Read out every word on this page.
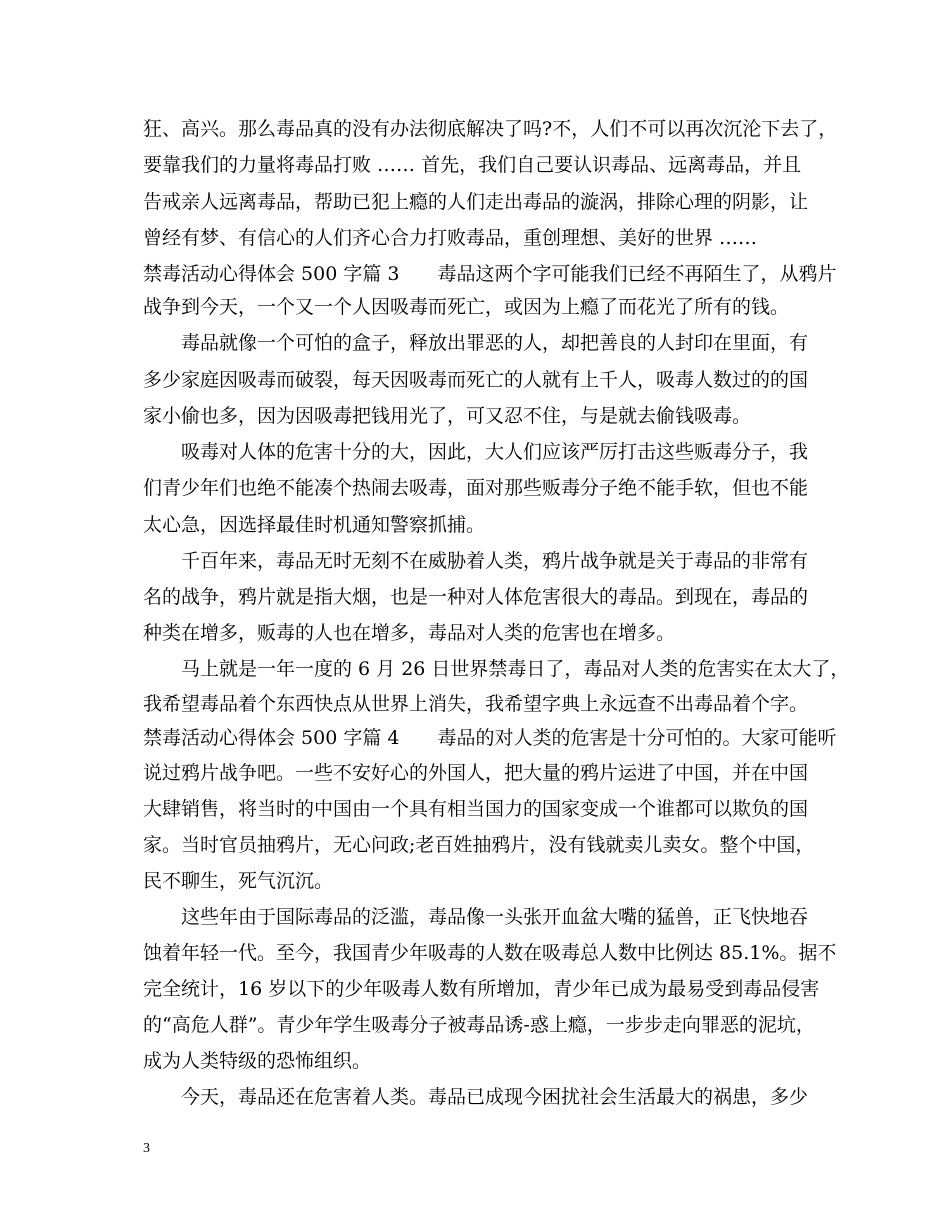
狂、高兴。那么毒品真的没有办法彻底解决了吗?不，人们不可以再次沉沦下去了，
要靠我们的力量将毒品打败 …… 首先，我们自己要认识毒品、远离毒品，并且
告戒亲人远离毒品，帮助已犯上瘾的人们走出毒品的漩涡，排除心理的阴影，让
曾经有梦、有信心的人们齐心合力打败毒品，重创理想、美好的世界 ……
禁毒活动心得体会 500 字篇 3　　毒品这两个字可能我们已经不再陌生了，从鸦片
战争到今天，一个又一个人因吸毒而死亡，或因为上瘾了而花光了所有的钱。
毒品就像一个可怕的盒子，释放出罪恶的人，却把善良的人封印在里面，有
多少家庭因吸毒而破裂，每天因吸毒而死亡的人就有上千人，吸毒人数过的的国
家小偷也多，因为因吸毒把钱用光了，可又忍不住，与是就去偷钱吸毒。
吸毒对人体的危害十分的大，因此，大人们应该严厉打击这些贩毒分子，我
们青少年们也绝不能凑个热闹去吸毒，面对那些贩毒分子绝不能手软，但也不能
太心急，因选择最佳时机通知警察抓捕。
千百年来，毒品无时无刻不在威胁着人类，鸦片战争就是关于毒品的非常有
名的战争，鸦片就是指大烟，也是一种对人体危害很大的毒品。到现在，毒品的
种类在增多，贩毒的人也在增多，毒品对人类的危害也在增多。
马上就是一年一度的 6 月 26 日世界禁毒日了，毒品对人类的危害实在太大了，
我希望毒品着个东西快点从世界上消失，我希望字典上永远查不出毒品着个字。
禁毒活动心得体会 500 字篇 4　　毒品的对人类的危害是十分可怕的。大家可能听
说过鸦片战争吧。一些不安好心的外国人，把大量的鸦片运进了中国，并在中国
大肆销售，将当时的中国由一个具有相当国力的国家变成一个谁都可以欺负的国
家。当时官员抽鸦片，无心问政;老百姓抽鸦片，没有钱就卖儿卖女。整个中国，
民不聊生，死气沉沉。
这些年由于国际毒品的泛滥，毒品像一头张开血盆大嘴的猛兽，正飞快地吞
蚀着年轻一代。至今，我国青少年吸毒的人数在吸毒总人数中比例达 85.1%。据不
完全统计，16 岁以下的少年吸毒人数有所增加，青少年已成为最易受到毒品侵害
的“高危人群”。青少年学生吸毒分子被毒品诱-惑上瘾，一步步走向罪恶的泥坑，
成为人类特级的恐怖组织。
今天，毒品还在危害着人类。毒品已成现今困扰社会生活最大的祸患，多少
3
